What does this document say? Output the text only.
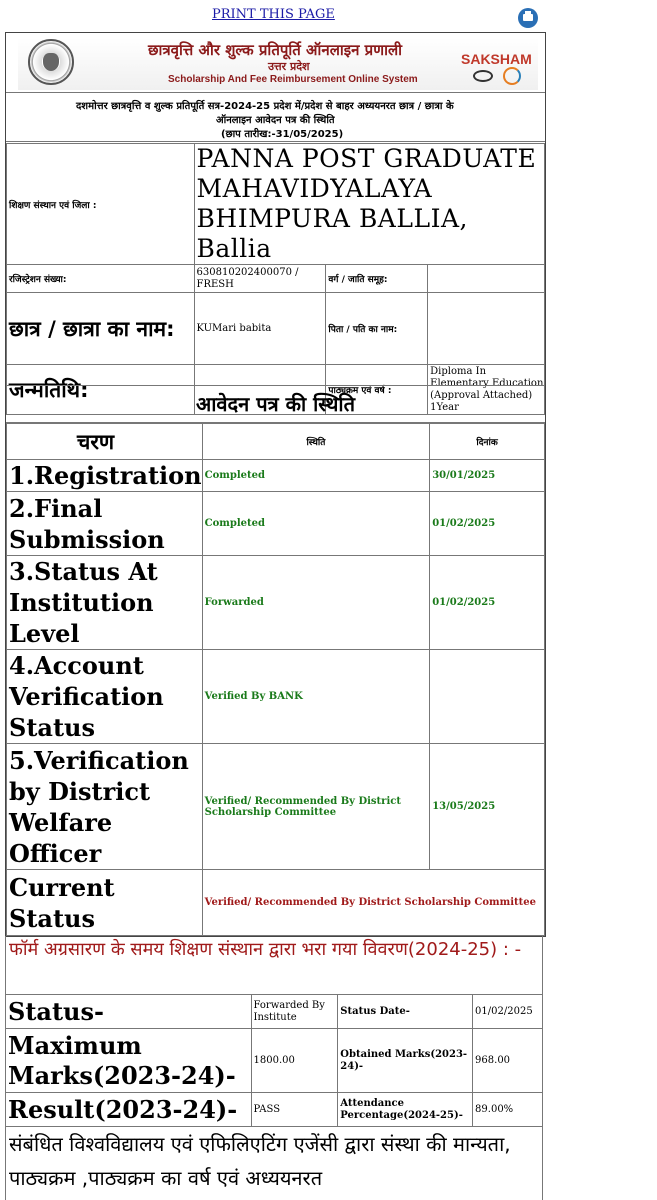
PRINT THIS PAGE
छात्रवृत्ति और शुल्क प्रतिपूर्ति ऑनलाइन प्रणाली
उत्तर प्रदेश
Scholarship And Fee Reimbursement Online System
SAKSHAM
दशमोत्तर छात्रवृत्ति व शुल्क प्रतिपूर्ति सत्र-2024-25 प्रदेश में/प्रदेश से बाहर अध्ययनरत छात्र / छात्रा के
ऑनलाइन आवेदन पत्र की स्थिति
(छाप तारीख:-31/05/2025)
शिक्षण संस्थान एवं जिला :	PANNA POST GRADUATE MAHAVIDYALAYA BHIMPURA BALLIA, Ballia		
रजिस्ट्रेशन संख्या:	630810202400070 / FRESH	वर्ग / जाति समूह:	
छात्र / छात्रा का नाम:	KUMari babita	पिता / पति का नाम:	
जन्मतिथि:		पाठ्यक्रम एवं वर्ष :	Diploma In Elementary Education (Approval Attached) 1Year
आवेदन पत्र की स्थिति
चरण	स्थिति	दिनांक
1.Registration	Completed	30/01/2025
2.Final Submission	Completed	01/02/2025
3.Status At Institution Level	Forwarded	01/02/2025
4.Account Verification Status	Verified By BANK	
5.Verification by District Welfare Officer	Verified/ Recommended By District Scholarship Committee	13/05/2025
Current Status	Verified/ Recommended By District Scholarship Committee	
फॉर्म अग्रसारण के समय शिक्षण संस्थान द्वारा भरा गया विवरण(2024-25) : -
Status-	Forwarded By Institute	Status Date-	01/02/2025
Maximum Marks(2023-24)-	1800.00	Obtained Marks(2023-24)-	968.00
Result(2023-24)-	PASS	Attendance Percentage(2024-25)-	89.00%
संबंधित विश्वविद्यालय एवं एफिलिएटिंग एजेंसी द्वारा संस्था की मान्यता, पाठ्यक्रम ,पाठ्यक्रम का वर्ष एवं अध्ययनरत
